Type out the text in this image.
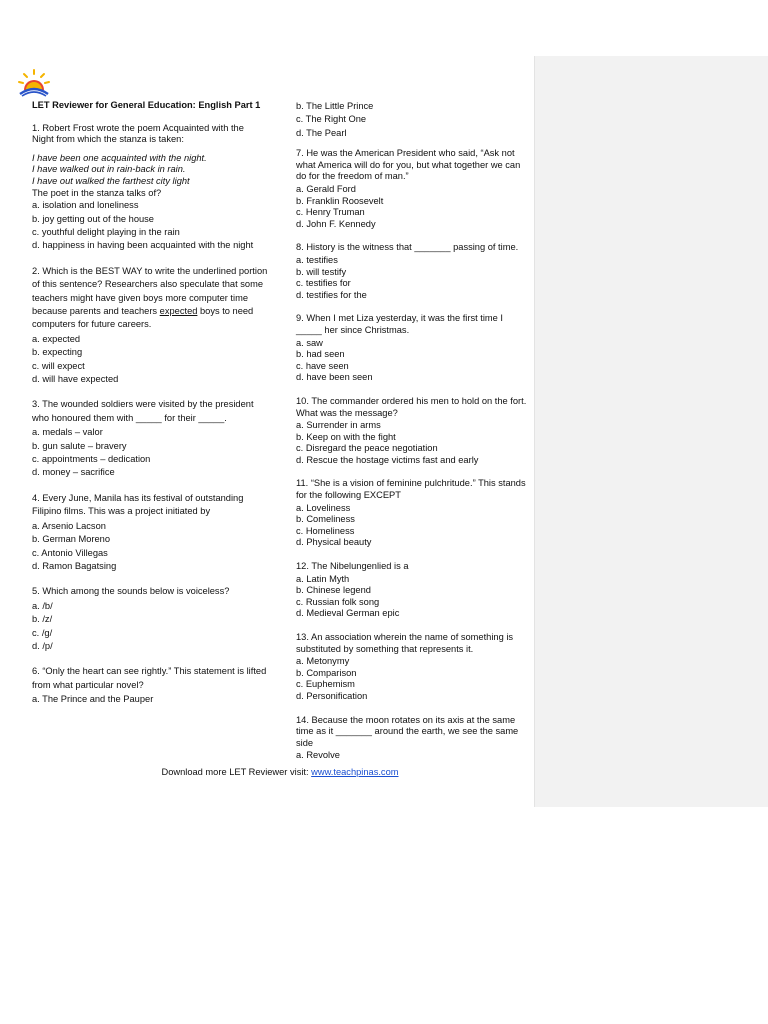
LET Reviewer for General Education: English Part 1

1. Robert Frost wrote the poem Acquainted with the Night from which the stanza is taken:

I have been one acquainted with the night.

I have walked out in rain-back in rain.

I have out walked the farthest city light

The poet in the stanza talks of?

a. isolation and loneliness

b. joy getting out of the house

c. youthful delight playing in the rain

d. happiness in having been acquainted with the night

2. Which is the BEST WAY to write the underlined portion of this sentence? Researchers also speculate that some teachers might have given boys more computer time because parents and teachers expected boys to need computers for future careers.

a. expected

b. expecting

c. will expect

d. will have expected

3. The wounded soldiers were visited by the president who honoured them with _____ for their _____.

a. medals – valor

b. gun salute – bravery

c. appointments – dedication

d. money – sacrifice

4. Every June, Manila has its festival of outstanding Filipino films. This was a project initiated by

a. Arsenio Lacson

b. German Moreno

c. Antonio Villegas

d. Ramon Bagatsing

5. Which among the sounds below is voiceless?

a. /b/

b. /z/

c. /g/

d. /p/

6. “Only the heart can see rightly.” This statement is lifted from what particular novel?

a. The Prince and the Pauper

b. The Little Prince

c. The Right One

d. The Pearl

7. He was the American President who said, “Ask not what America will do for you, but what together we can do for the freedom of man.”

a. Gerald Ford

b. Franklin Roosevelt

c. Henry Truman

d. John F. Kennedy

8. History is the witness that _______ passing of time.

a. testifies

b. will testify

c. testifies for

d. testifies for the

9. When I met Liza yesterday, it was the first time I _____ her since Christmas.

a. saw

b. had seen

c. have seen

d. have been seen

10. The commander ordered his men to hold on the fort. What was the message?

a. Surrender in arms

b. Keep on with the fight

c. Disregard the peace negotiation

d. Rescue the hostage victims fast and early

11. “She is a vision of feminine pulchritude.” This stands for the following EXCEPT

a. Loveliness

b. Comeliness

c. Homeliness

d. Physical beauty

12. The Nibelungenlied is a

a. Latin Myth

b. Chinese legend

c. Russian folk song

d. Medieval German epic

13. An association wherein the name of something is substituted by something that represents it.

a. Metonymy

b. Comparison

c. Euphemism

d. Personification

14. Because the moon rotates on its axis at the same time as it _______ around the earth, we see the same side

a. Revolve

Download more LET Reviewer visit: www.teachpinas.com
